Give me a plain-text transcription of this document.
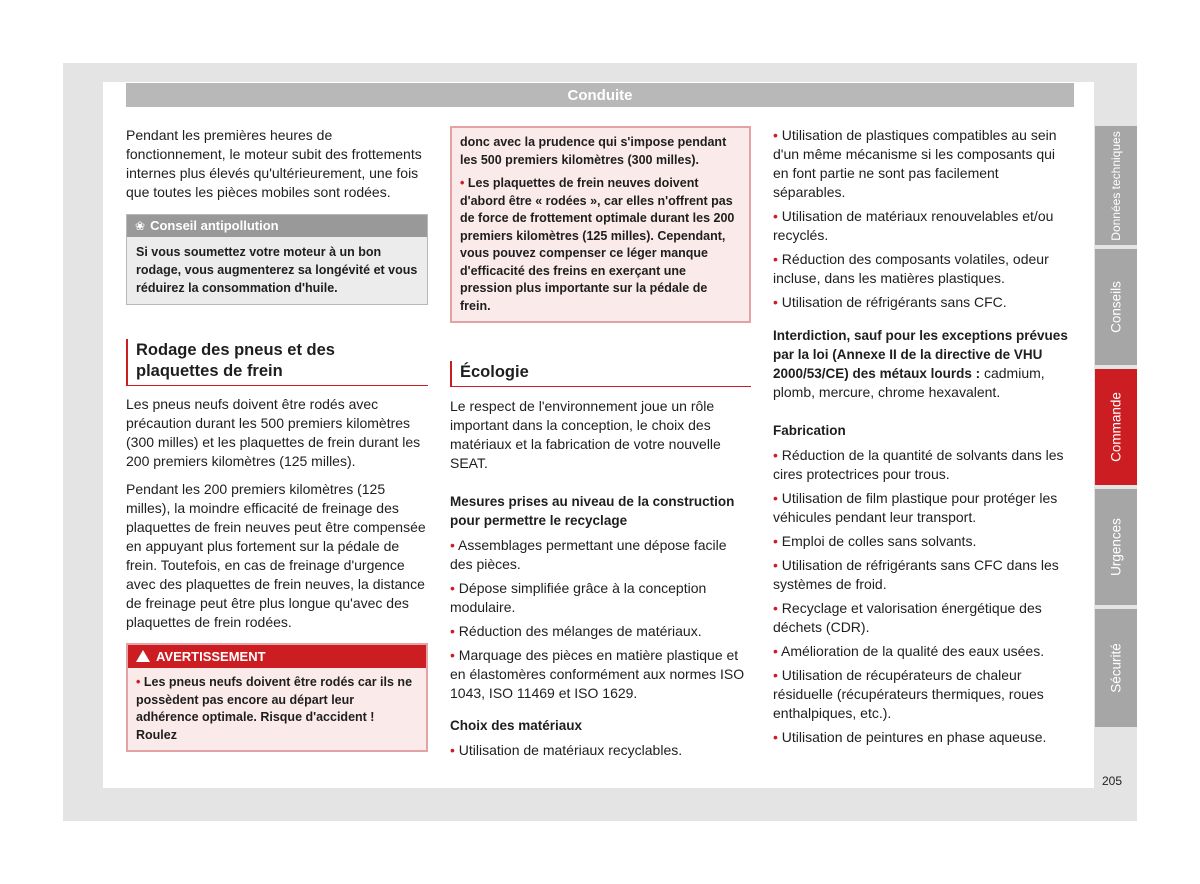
Conduite

Pendant les premières heures de fonctionnement, le moteur subit des frottements internes plus élevés qu'ultérieurement, une fois que toutes les pièces mobiles sont rodées.

❀ Conseil antipollution
Si vous soumettez votre moteur à un bon rodage, vous augmenterez sa longévité et vous réduirez la consommation d'huile.
Rodage des pneus et des plaquettes de frein

Les pneus neufs doivent être rodés avec précaution durant les 500 premiers kilomètres (300 milles) et les plaquettes de frein durant les 200 premiers kilomètres (125 milles).

Pendant les 200 premiers kilomètres (125 milles), la moindre efficacité de freinage des plaquettes de frein neuves peut être compensée en appuyant plus fortement sur la pédale de frein. Toutefois, en cas de freinage d'urgence avec des plaquettes de frein neuves, la distance de freinage peut être plus longue qu'avec des plaquettes de frein rodées.

AVERTISSEMENT

• Les pneus neufs doivent être rodés car ils ne possèdent pas encore au départ leur adhérence optimale. Risque d'accident ! Roulez

donc avec la prudence qui s'impose pendant les 500 premiers kilomètres (300 milles).

• Les plaquettes de frein neuves doivent d'abord être « rodées », car elles n'offrent pas de force de frottement optimale durant les 200 premiers kilomètres (125 milles). Cependant, vous pouvez compenser ce léger manque d'efficacité des freins en exerçant une pression plus importante sur la pédale de frein.

Écologie

Le respect de l'environnement joue un rôle important dans la conception, le choix des matériaux et la fabrication de votre nouvelle SEAT.

Mesures prises au niveau de la construction pour permettre le recyclage

• Assemblages permettant une dépose facile des pièces.

• Dépose simplifiée grâce à la conception modulaire.

• Réduction des mélanges de matériaux.

• Marquage des pièces en matière plastique et en élastomères conformément aux normes ISO 1043, ISO 11469 et ISO 1629.

Choix des matériaux

• Utilisation de matériaux recyclables.

• Utilisation de plastiques compatibles au sein d'un même mécanisme si les composants qui en font partie ne sont pas facilement séparables.

• Utilisation de matériaux renouvelables et/ou recyclés.

• Réduction des composants volatiles, odeur incluse, dans les matières plastiques.

• Utilisation de réfrigérants sans CFC.

Interdiction, sauf pour les exceptions prévues par la loi (Annexe II de la directive de VHU 2000/53/CE) des métaux lourds : cadmium, plomb, mercure, chrome hexavalent.

Fabrication

• Réduction de la quantité de solvants dans les cires protectrices pour trous.

• Utilisation de film plastique pour protéger les véhicules pendant leur transport.

• Emploi de colles sans solvants.

• Utilisation de réfrigérants sans CFC dans les systèmes de froid.

• Recyclage et valorisation énergétique des déchets (CDR).

• Amélioration de la qualité des eaux usées.

• Utilisation de récupérateurs de chaleur résiduelle (récupérateurs thermiques, roues enthalpiques, etc.).

• Utilisation de peintures en phase aqueuse.

Données techniques
Conseils
Commande
Urgences
Sécurité
205
